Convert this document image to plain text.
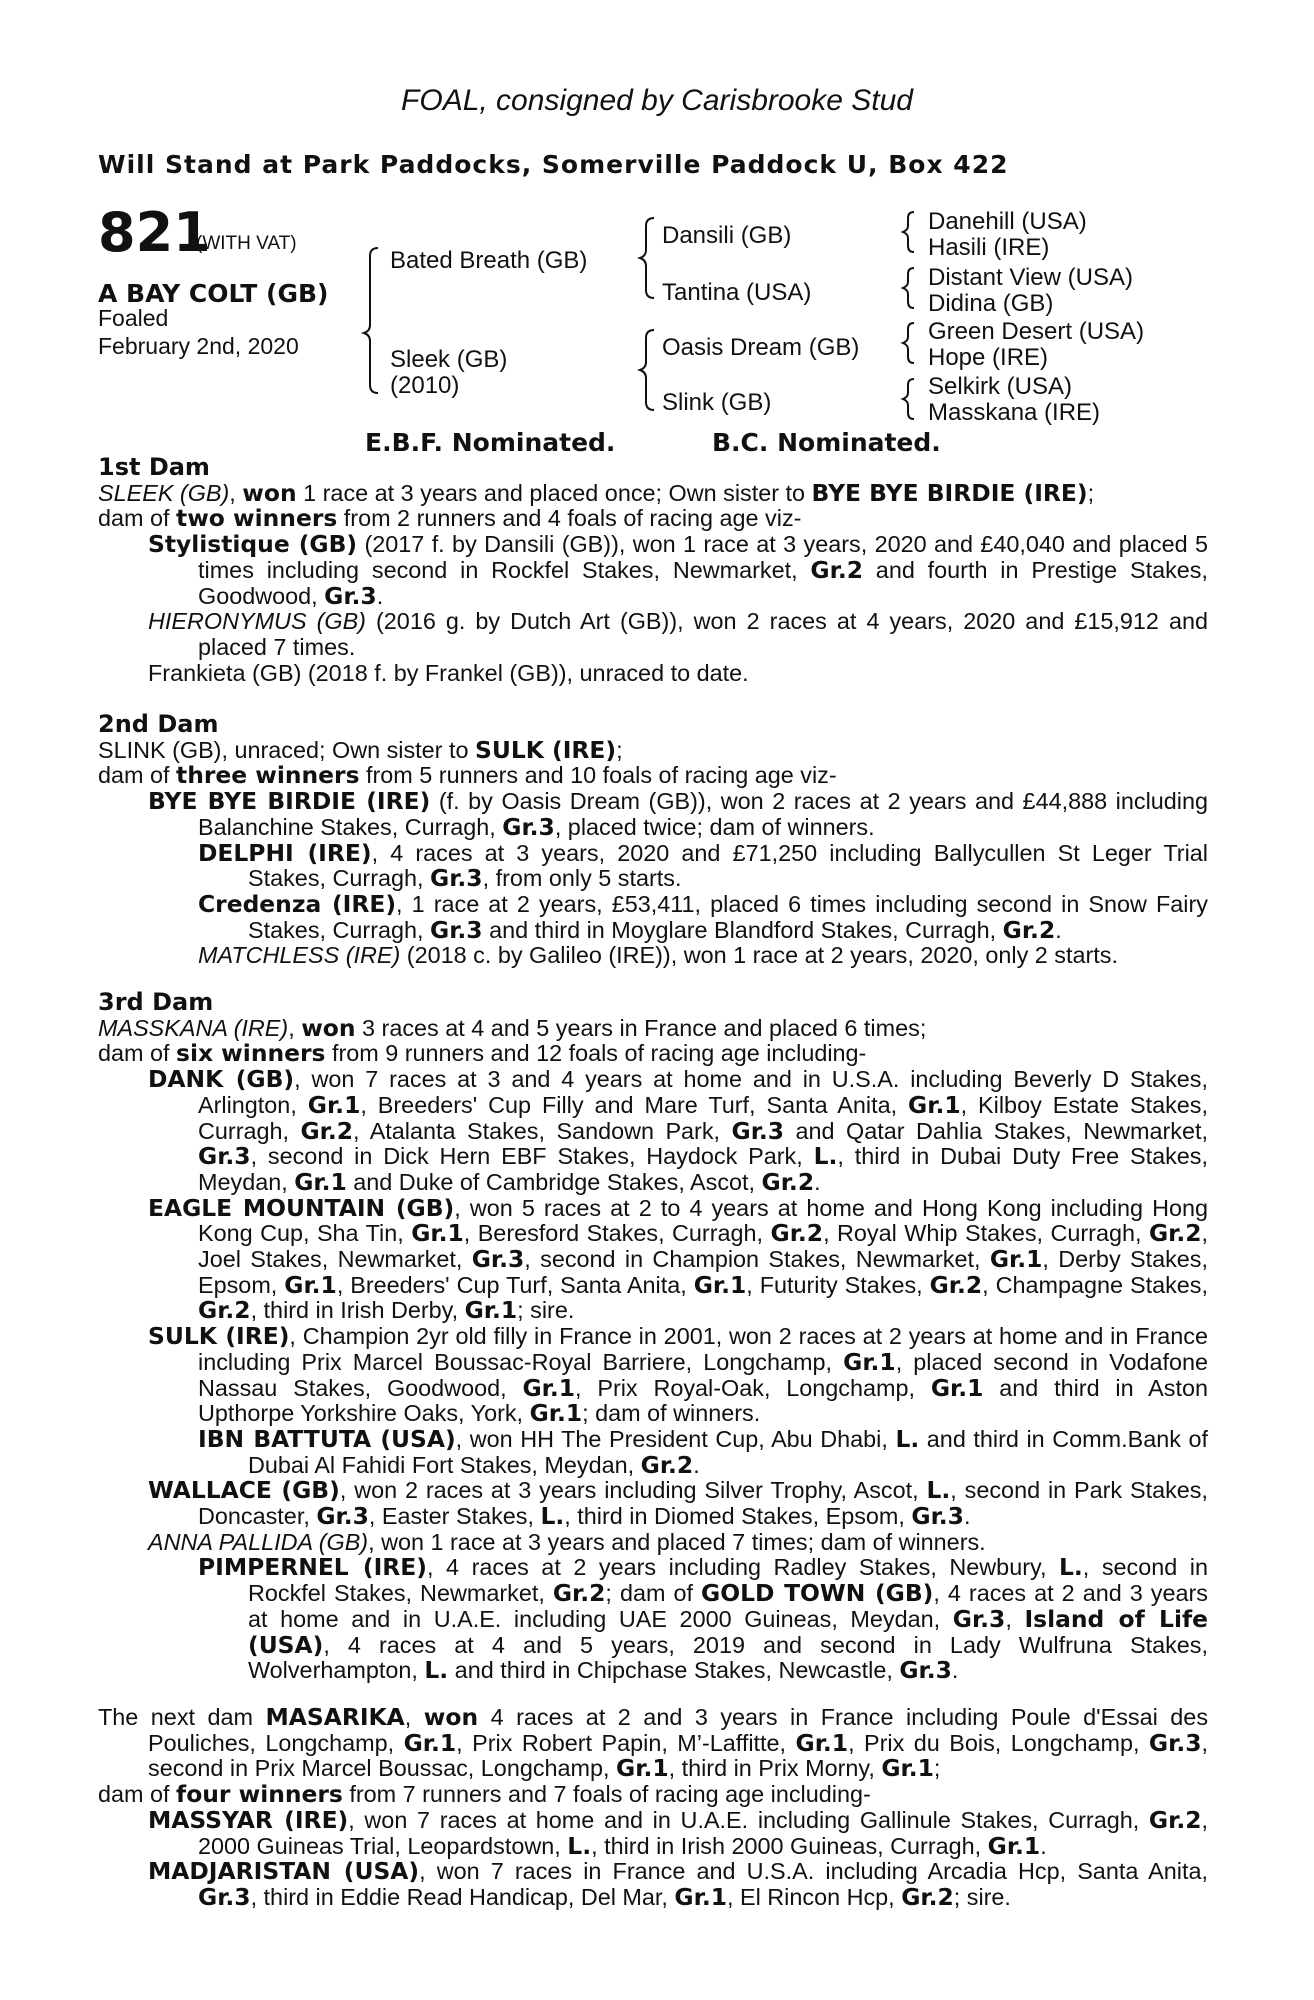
FOAL, consigned by Carisbrooke Stud
Will Stand at Park Paddocks, Somerville Paddock U, Box 422
821
(WITH VAT)
A BAY COLT (GB)
Foaled
February 2nd, 2020
Bated Breath (GB)
Sleek (GB)
(2010)
Dansili (GB)
Tantina (USA)
Oasis Dream (GB)
Slink (GB)
Danehill (USA)
Hasili (IRE)
Distant View (USA)
Didina (GB)
Green Desert (USA)
Hope (IRE)
Selkirk (USA)
Masskana (IRE)
E.B.F. Nominated.	B.C. Nominated.
1st Dam
SLEEK (GB), won 1 race at 3 years and placed once; Own sister to BYE BYE BIRDIE (IRE);
dam of two winners from 2 runners and 4 foals of racing age viz-
Stylistique (GB) (2017 f. by Dansili (GB)), won 1 race at 3 years, 2020 and £40,040 and placed 5 times including second in Rockfel Stakes, Newmarket, Gr.2 and fourth in Prestige Stakes, Goodwood, Gr.3.
HIERONYMUS (GB) (2016 g. by Dutch Art (GB)), won 2 races at 4 years, 2020 and £15,912 and placed 7 times.
Frankieta (GB) (2018 f. by Frankel (GB)), unraced to date.
2nd Dam
SLINK (GB), unraced; Own sister to SULK (IRE);
dam of three winners from 5 runners and 10 foals of racing age viz-
BYE BYE BIRDIE (IRE) (f. by Oasis Dream (GB)), won 2 races at 2 years and £44,888 including Balanchine Stakes, Curragh, Gr.3, placed twice; dam of winners.
DELPHI (IRE), 4 races at 3 years, 2020 and £71,250 including Ballycullen St Leger Trial Stakes, Curragh, Gr.3, from only 5 starts.
Credenza (IRE), 1 race at 2 years, £53,411, placed 6 times including second in Snow Fairy Stakes, Curragh, Gr.3 and third in Moyglare Blandford Stakes, Curragh, Gr.2.
MATCHLESS (IRE) (2018 c. by Galileo (IRE)), won 1 race at 2 years, 2020, only 2 starts.
3rd Dam
MASSKANA (IRE), won 3 races at 4 and 5 years in France and placed 6 times;
dam of six winners from 9 runners and 12 foals of racing age including-
DANK (GB), won 7 races at 3 and 4 years at home and in U.S.A. including Beverly D Stakes, Arlington, Gr.1, Breeders' Cup Filly and Mare Turf, Santa Anita, Gr.1, Kilboy Estate Stakes, Curragh, Gr.2, Atalanta Stakes, Sandown Park, Gr.3 and Qatar Dahlia Stakes, Newmarket, Gr.3, second in Dick Hern EBF Stakes, Haydock Park, L., third in Dubai Duty Free Stakes, Meydan, Gr.1 and Duke of Cambridge Stakes, Ascot, Gr.2.
EAGLE MOUNTAIN (GB), won 5 races at 2 to 4 years at home and Hong Kong including Hong Kong Cup, Sha Tin, Gr.1, Beresford Stakes, Curragh, Gr.2, Royal Whip Stakes, Curragh, Gr.2, Joel Stakes, Newmarket, Gr.3, second in Champion Stakes, Newmarket, Gr.1, Derby Stakes, Epsom, Gr.1, Breeders' Cup Turf, Santa Anita, Gr.1, Futurity Stakes, Gr.2, Champagne Stakes, Gr.2, third in Irish Derby, Gr.1; sire.
SULK (IRE), Champion 2yr old filly in France in 2001, won 2 races at 2 years at home and in France including Prix Marcel Boussac-Royal Barriere, Longchamp, Gr.1, placed second in Vodafone Nassau Stakes, Goodwood, Gr.1, Prix Royal-Oak, Longchamp, Gr.1 and third in Aston Upthorpe Yorkshire Oaks, York, Gr.1; dam of winners.
IBN BATTUTA (USA), won HH The President Cup, Abu Dhabi, L. and third in Comm.Bank of Dubai Al Fahidi Fort Stakes, Meydan, Gr.2.
WALLACE (GB), won 2 races at 3 years including Silver Trophy, Ascot, L., second in Park Stakes, Doncaster, Gr.3, Easter Stakes, L., third in Diomed Stakes, Epsom, Gr.3.
ANNA PALLIDA (GB), won 1 race at 3 years and placed 7 times; dam of winners.
PIMPERNEL (IRE), 4 races at 2 years including Radley Stakes, Newbury, L., second in Rockfel Stakes, Newmarket, Gr.2; dam of GOLD TOWN (GB), 4 races at 2 and 3 years at home and in U.A.E. including UAE 2000 Guineas, Meydan, Gr.3, Island of Life (USA), 4 races at 4 and 5 years, 2019 and second in Lady Wulfruna Stakes, Wolverhampton, L. and third in Chipchase Stakes, Newcastle, Gr.3.
The next dam MASARIKA, won 4 races at 2 and 3 years in France including Poule d'Essai des Pouliches, Longchamp, Gr.1, Prix Robert Papin, M’-Laffitte, Gr.1, Prix du Bois, Longchamp, Gr.3, second in Prix Marcel Boussac, Longchamp, Gr.1, third in Prix Morny, Gr.1;
dam of four winners from 7 runners and 7 foals of racing age including-
MASSYAR (IRE), won 7 races at home and in U.A.E. including Gallinule Stakes, Curragh, Gr.2, 2000 Guineas Trial, Leopardstown, L., third in Irish 2000 Guineas, Curragh, Gr.1.
MADJARISTAN (USA), won 7 races in France and U.S.A. including Arcadia Hcp, Santa Anita, Gr.3, third in Eddie Read Handicap, Del Mar, Gr.1, El Rincon Hcp, Gr.2; sire.
